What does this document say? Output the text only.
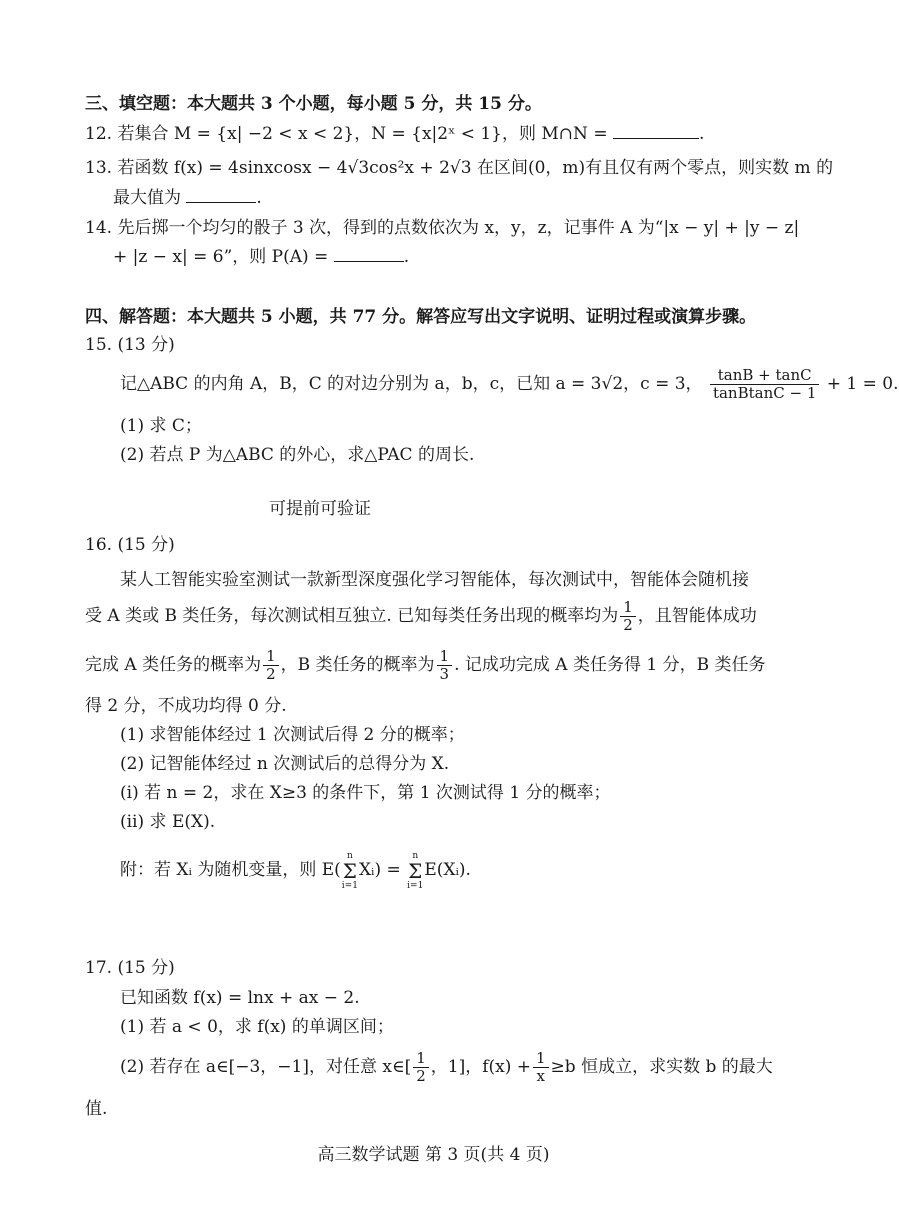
三、填空题：本大题共 3 个小题，每小题 5 分，共 15 分。
12. 若集合 M = {x| −2 < x < 2}，N = {x|2ˣ < 1}，则 M∩N =	.
13. 若函数 f(x) = 4sinxcosx − 4√3cos²x + 2√3 在区间(0，m)有且仅有两个零点，则实数 m 的
最大值为	.
14. 先后掷一个均匀的骰子 3 次，得到的点数依次为 x，y，z，记事件 A 为“|x − y| + |y − z|
+ |z − x| = 6”，则 P(A) =	.
四、解答题：本大题共 5 小题，共 77 分。解答应写出文字说明、证明过程或演算步骤。
15. (13 分)
记△ABC 的内角 A，B，C 的对边分别为 a，b，c，已知 a = 3√2，c = 3， $\frac{\tan B + \tan C}{\text{tanBtanC − 1}} + 1 = 0$.
(1) 求 C；
(2) 若点 P 为△ABC 的外心，求△PAC 的周长.
可提前可验证
16. (15 分)
某人工智能实验室测试一款新型深度强化学习智能体，每次测试中，智能体会随机接
受 A 类或 B 类任务，每次测试相互独立. 已知每类任务出现的概率均为 $\frac{1}{2}$ ，且智能体成功
完成 A 类任务的概率为 $\frac{1}{2}$ ，B 类任务的概率为 $\frac{1}{3}$ . 记成功完成 A 类任务得 1 分，B 类任务
得 2 分，不成功均得 0 分.
(1) 求智能体经过 1 次测试后得 2 分的概率；
(2) 记智能体经过 n 次测试后的总得分为 X.
(ⅰ) 若 n = 2，求在 X≥3 的条件下，第 1 次测试得 1 分的概率；
(ⅱ) 求 E(X).
附：若 Xᵢ 为随机变量，则 E(
n
Σ
i=1
Xᵢ) =
n
Σ
i=1
E(Xᵢ).
17. (15 分)
已知函数 f(x) = lnx + ax − 2.
(1) 若 a < 0，求 f(x) 的单调区间；
(2) 若存在 a∈[−3，−1]，对任意 x∈[ $\frac{1}{2}$ ，1]，$f(x) + \frac{1}{x} \ge b$ 恒成立，求实数 b 的最大
值.
高三数学试题 第 3 页(共 4 页)
